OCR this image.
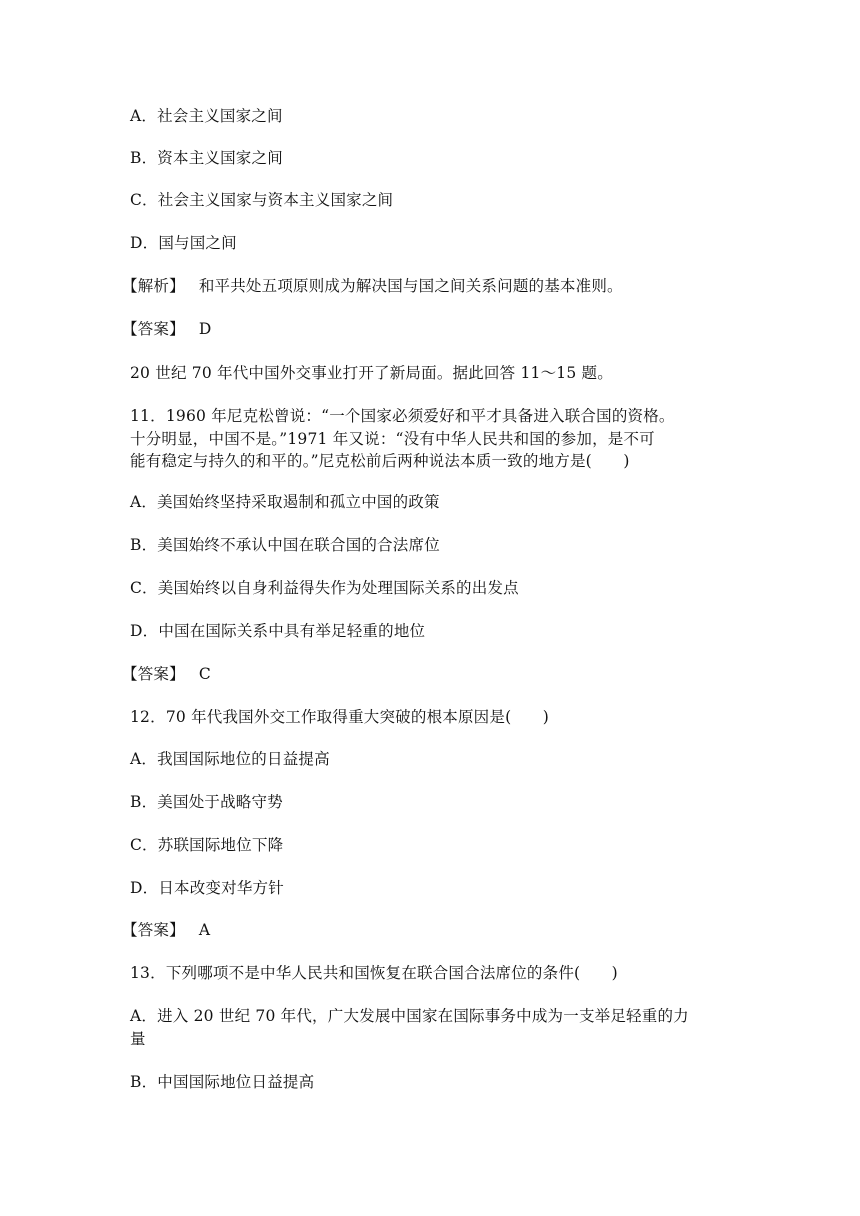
A．社会主义国家之间
B．资本主义国家之间
C．社会主义国家与资本主义国家之间
D．国与国之间
【解析】 和平共处五项原则成为解决国与国之间关系问题的基本准则。
【答案】 D
20 世纪 70 年代中国外交事业打开了新局面。据此回答 11～15 题。
11．1960 年尼克松曾说：“一个国家必须爱好和平才具备进入联合国的资格。
十分明显，中国不是。”1971 年又说：“没有中华人民共和国的参加，是不可
能有稳定与持久的和平的。”尼克松前后两种说法本质一致的地方是(　　)
A．美国始终坚持采取遏制和孤立中国的政策
B．美国始终不承认中国在联合国的合法席位
C．美国始终以自身利益得失作为处理国际关系的出发点
D．中国在国际关系中具有举足轻重的地位
【答案】 C
12．70 年代我国外交工作取得重大突破的根本原因是(　　)
A．我国国际地位的日益提高
B．美国处于战略守势
C．苏联国际地位下降
D．日本改变对华方针
【答案】 A
13．下列哪项不是中华人民共和国恢复在联合国合法席位的条件(　　)
A．进入 20 世纪 70 年代，广大发展中国家在国际事务中成为一支举足轻重的力
量
B．中国国际地位日益提高
